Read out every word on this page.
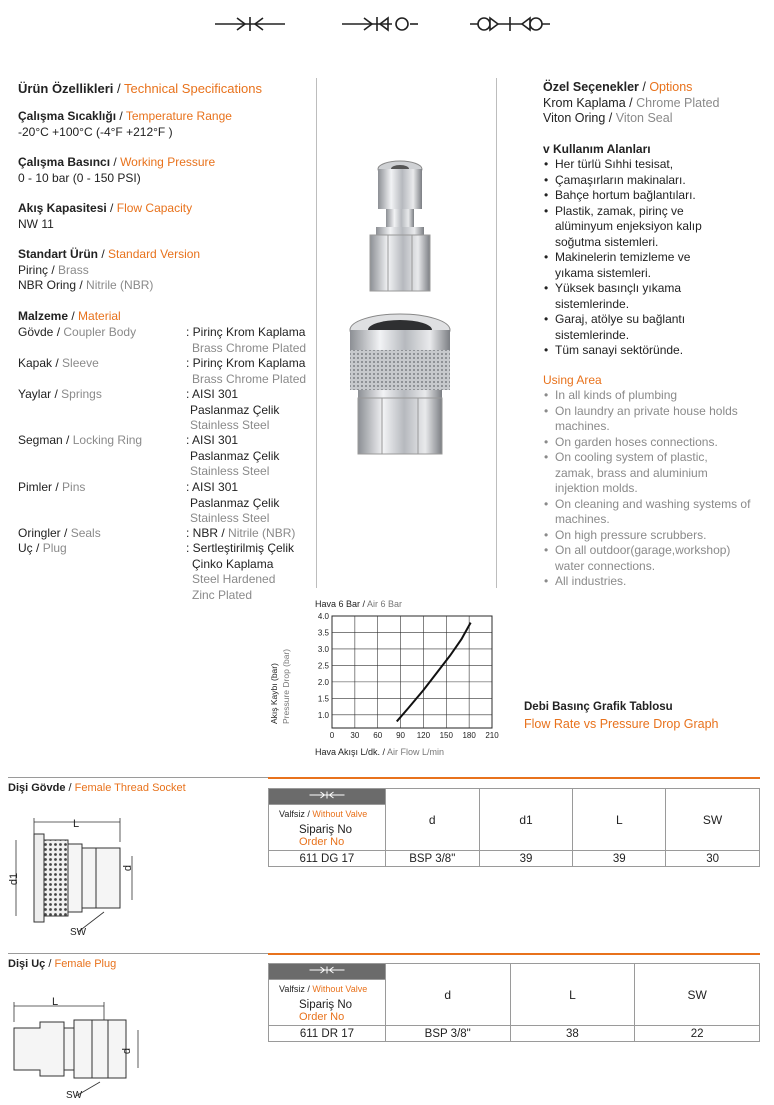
Ürün Özellikleri / Technical Specifications
Çalışma Sıcaklığı / Temperature Range
-20°C +100°C (-4°F +212°F )
Çalışma Basıncı / Working Pressure
0 - 10 bar (0 - 150 PSI)
Akış Kapasitesi / Flow Capacity
NW 11
Standart Ürün / Standard Version
Pirinç / Brass
NBR Oring / Nitrile (NBR)
Malzeme / Material
Gövde / Coupler Body	: Pirinç Krom Kaplama
Brass Chrome Plated
Kapak / Sleeve	: Pirinç Krom Kaplama
Brass Chrome Plated
Yaylar / Springs	: AISI 301
Paslanmaz Çelik
Stainless Steel
Segman / Locking Ring	: AISI 301
Paslanmaz Çelik
Stainless Steel
Pimler / Pins	: AISI 301
Paslanmaz Çelik
Stainless Steel
Oringler / Seals	: NBR / Nitrile (NBR)
Uç / Plug	: Sertleştirilmiş Çelik
Çinko Kaplama
Steel Hardened
Zinc Plated
Özel Seçenekler / Options
Krom Kaplama / Chrome Plated
Viton Oring / Viton Seal
v Kullanım Alanları
• Her türlü Sıhhi tesisat,
• Çamaşırların makinaları.
• Bahçe hortum bağlantıları.
• Plastik, zamak, pirinç ve alüminyum enjeksiyon kalıp soğutma sistemleri.
• Makinelerin temizleme ve yıkama sistemleri.
• Yüksek basınçlı yıkama sistemlerinde.
• Garaj, atölye su bağlantı sistemlerinde.
• Tüm sanayi sektöründe.
Using Area
• In all kinds of plumbing
• On laundry an private house holds machines.
• On garden hoses connections.
• On cooling system of plastic, zamak, brass and aluminium injektion molds.
• On cleaning and washing systems of machines.
• On high pressure scrubbers.
• On all outdoor(garage,workshop) water connections.
• All industries.
0 30 60 90 120 150 180 210
1.0
1.5
2.0
2.5
3.0
3.5
4.0
Hava 6 Bar / Air 6 Bar
Hava Akışı L/dk. / Air Flow L/min
Akış Kaybı (bar) Pressure Drop (bar)	Debi Basınç Grafik Tablosu
Flow Rate vs Pressure Drop Graph
Dişi Gövde / Female Thread Socket
L
d1
d
SW
	d	d1	L	SW

Valfsiz / Without Valve
Sipariş No
Order No				

611 DG 17	BSP 3/8"	39	39	30
Dişi Uç / Female Plug
L
d
SW
	d	L	SW

Valfsiz / Without Valve
Sipariş No
Order No			

611 DR 17	BSP 3/8"	38	22
